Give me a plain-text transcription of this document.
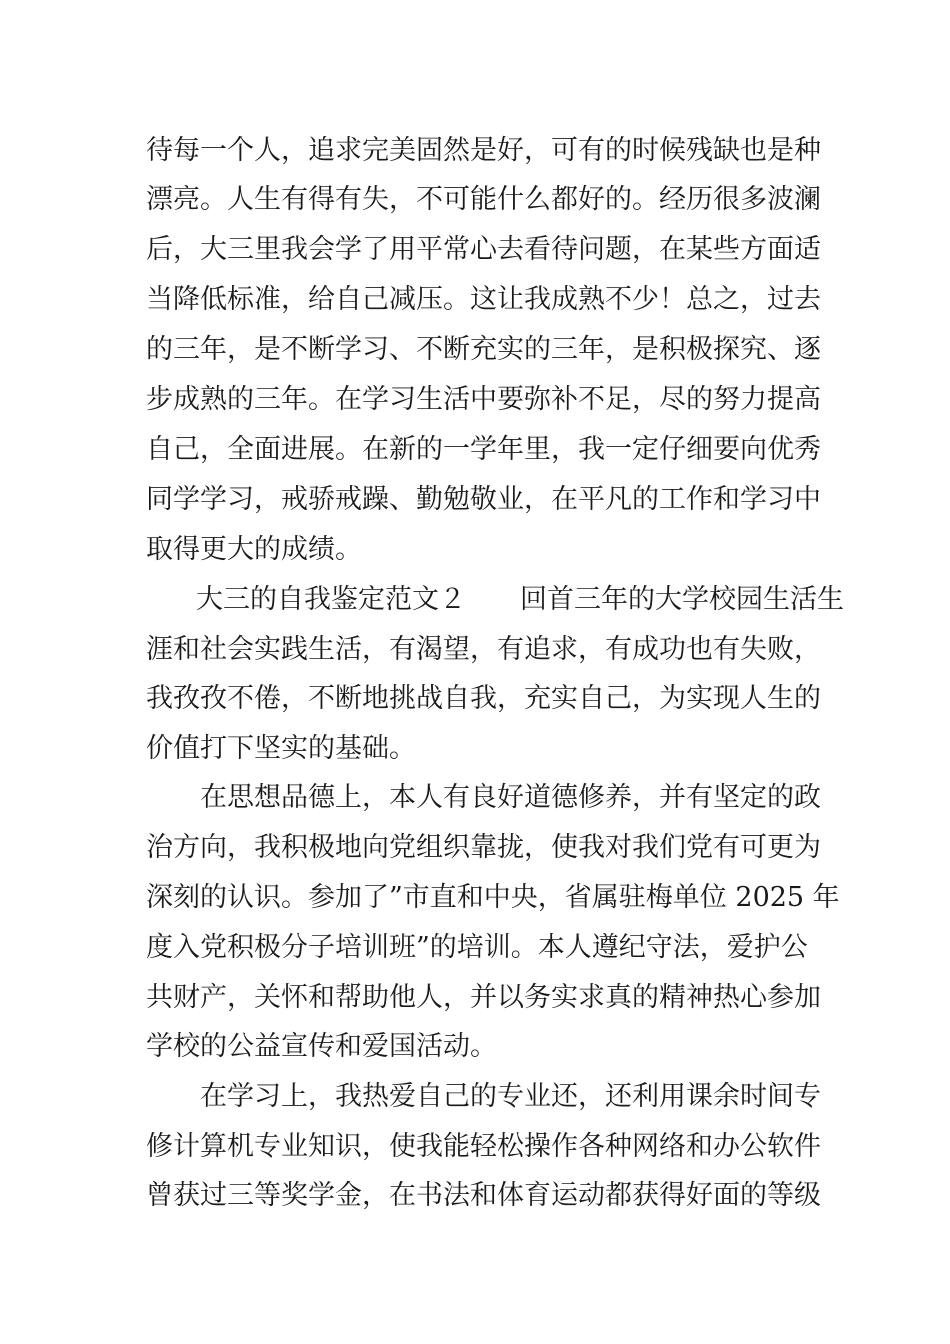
待每一个人，追求完美固然是好，可有的时候残缺也是种
漂亮。人生有得有失，不可能什么都好的。经历很多波澜
后，大三里我会学了用平常心去看待问题，在某些方面适
当降低标准，给自己减压。这让我成熟不少！总之，过去
的三年，是不断学习、不断充实的三年，是积极探究、逐
步成熟的三年。在学习生活中要弥补不足，尽的努力提高
自己，全面进展。在新的一学年里，我一定仔细要向优秀
同学学习，戒骄戒躁、勤勉敬业，在平凡的工作和学习中
取得更大的成绩。
大三的自我鉴定范文２　　回首三年的大学校园生活生
涯和社会实践生活，有渴望，有追求，有成功也有失败，
我孜孜不倦，不断地挑战自我，充实自己，为实现人生的
价值打下坚实的基础。
在思想品德上，本人有良好道德修养，并有坚定的政
治方向，我积极地向党组织靠拢，使我对我们党有可更为
深刻的认识。参加了”市直和中央，省属驻梅单位 2025 年
度入党积极分子培训班”的培训。本人遵纪守法，爱护公
共财产，关怀和帮助他人，并以务实求真的精神热心参加
学校的公益宣传和爱国活动。
在学习上，我热爱自己的专业还，还利用课余时间专
修计算机专业知识，使我能轻松操作各种网络和办公软件
曾获过三等奖学金，在书法和体育运动都获得好面的等级
